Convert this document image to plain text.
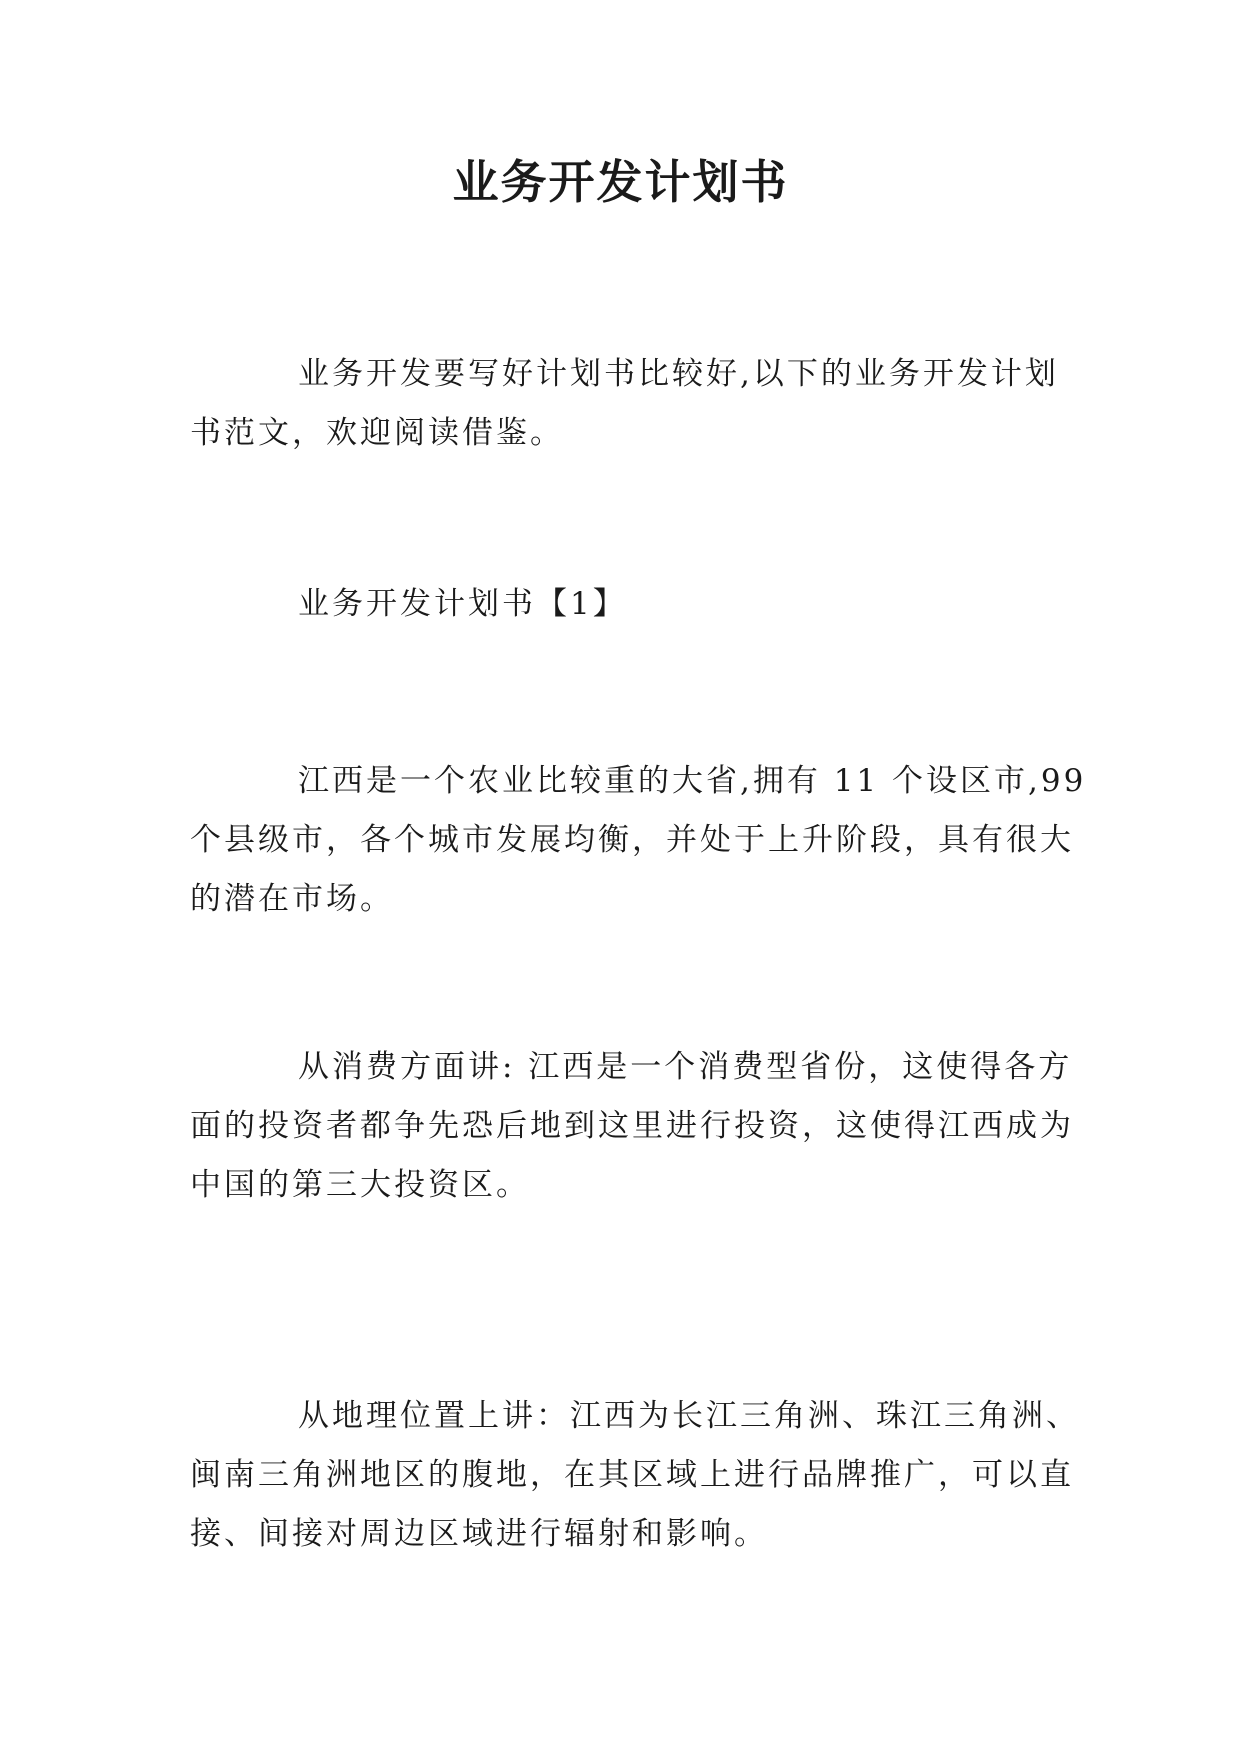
业务开发计划书

业务开发要写好计划书比较好,以下的业务开发计划
书范文，欢迎阅读借鉴。

业务开发计划书【1】

江西是一个农业比较重的大省,拥有 11 个设区市,99
个县级市，各个城市发展均衡，并处于上升阶段，具有很大
的潜在市场。

从消费方面讲: 江西是一个消费型省份，这使得各方
面的投资者都争先恐后地到这里进行投资，这使得江西成为
中国的第三大投资区。

从地理位置上讲：江西为长江三角洲、珠江三角洲、
闽南三角洲地区的腹地，在其区域上进行品牌推广，可以直
接、间接对周边区域进行辐射和影响。
